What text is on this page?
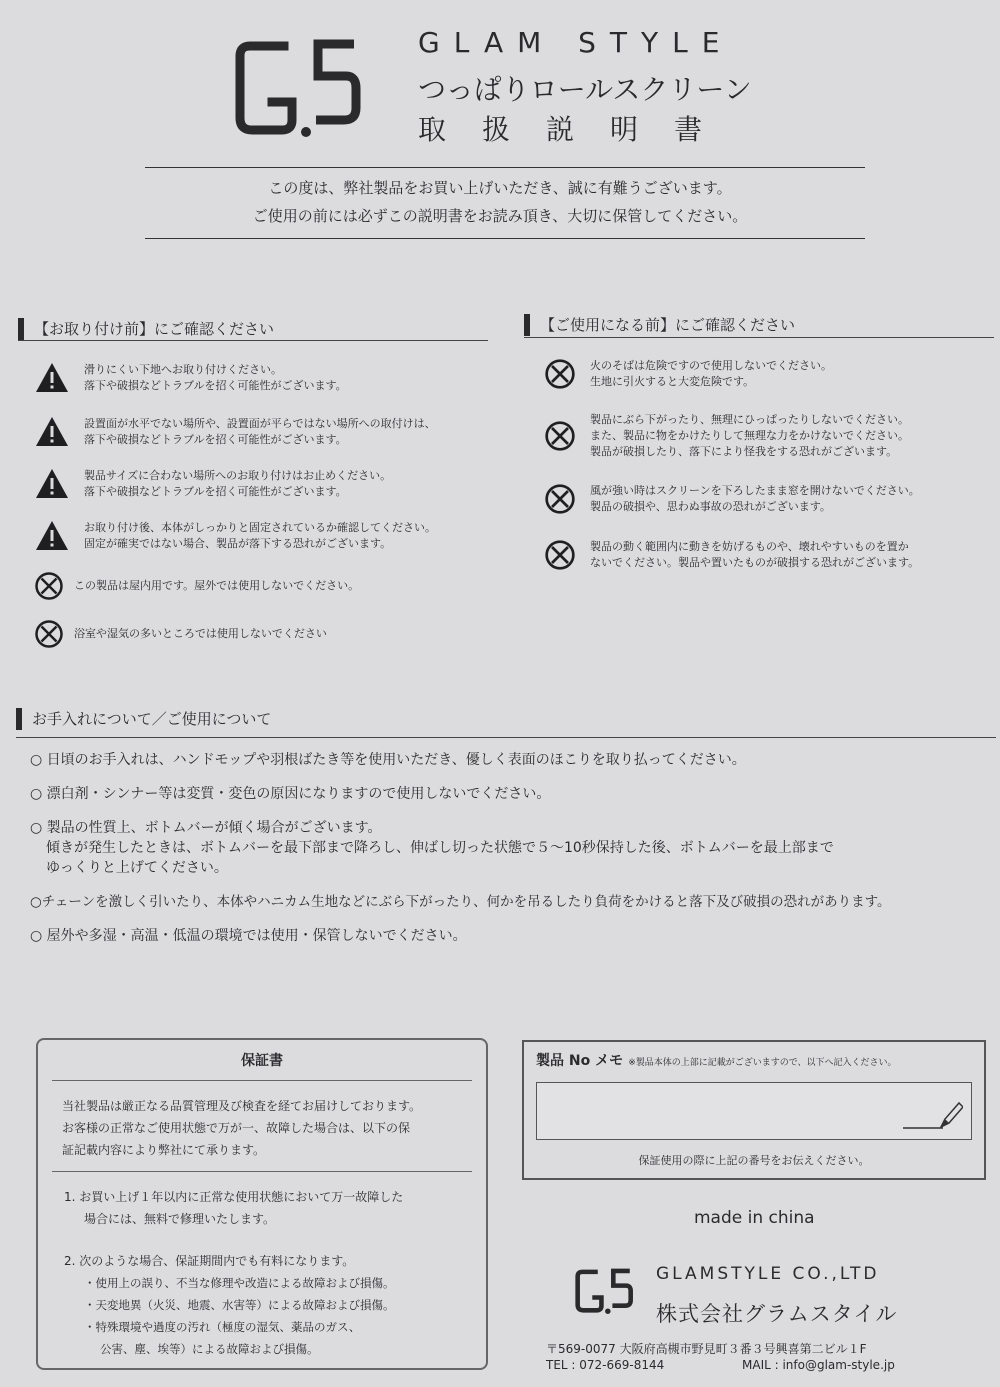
GLAM STYLE
つっぱりロールスクリーン
取扱説明書
この度は、弊社製品をお買い上げいただき、誠に有難うございます。
ご使用の前には必ずこの説明書をお読み頂き、大切に保管してください。
【お取り付け前】にご確認ください
滑りにくい下地へお取り付けください。
落下や破損などトラブルを招く可能性がございます。
設置面が水平でない場所や、設置面が平らではない場所への取付けは、
落下や破損などトラブルを招く可能性がございます。
製品サイズに合わない場所へのお取り付けはお止めください。
落下や破損などトラブルを招く可能性がございます。
お取り付け後、本体がしっかりと固定されているか確認してください。
固定が確実ではない場合、製品が落下する恐れがございます。
この製品は屋内用です。屋外では使用しないでください。
浴室や湿気の多いところでは使用しないでください
【ご使用になる前】にご確認ください
火のそばは危険ですので使用しないでください。
生地に引火すると大変危険です。
製品にぶら下がったり、無理にひっぱったりしないでください。
また、製品に物をかけたりして無理な力をかけないでください。
製品が破損したり、落下により怪我をする恐れがございます。
風が強い時はスクリーンを下ろしたまま窓を開けないでください。
製品の破損や、思わぬ事故の恐れがございます。
製品の動く範囲内に動きを妨げるものや、壊れやすいものを置か
ないでください。製品や置いたものが破損する恐れがございます。
お手入れについて／ご使用について
○ 日頃のお手入れは、ハンドモップや羽根ばたき等を使用いただき、優しく表面のほこりを取り払ってください。
○ 漂白剤・シンナー等は変質・変色の原因になりますので使用しないでください。
○ 製品の性質上、ボトムバーが傾く場合がございます。
傾きが発生したときは、ボトムバーを最下部まで降ろし、伸ばし切った状態で５～10秒保持した後、ボトムバーを最上部まで
ゆっくりと上げてください。
○チェーンを激しく引いたり、本体やハニカム生地などにぶら下がったり、何かを吊るしたり負荷をかけると落下及び破損の恐れがあります。
○ 屋外や多湿・高温・低温の環境では使用・保管しないでください。
保証書
当社製品は厳正なる品質管理及び検査を経てお届けしております。
お客様の正常なご使用状態で万が一、故障した場合は、以下の保
証記載内容により弊社にて承ります。
1. お買い上げ１年以内に正常な使用状態において万一故障した
場合には、無料で修理いたします。
2. 次のような場合、保証期間内でも有料になります。
・使用上の誤り、不当な修理や改造による故障および損傷。
・天変地異（火災、地震、水害等）による故障および損傷。
・特殊環境や過度の汚れ（極度の湿気、薬品のガス、
公害、塵、埃等）による故障および損傷。
製品 No メモ ※製品本体の上部に記載がございますので、以下へ記入ください。
保証使用の際に上記の番号をお伝えください。
made in china
GLAMSTYLE CO.,LTD
株式会社グラムスタイル
〒569-0077 大阪府高槻市野見町３番３号興喜第二ビル１F
TEL : 072-669-8144	MAIL : info@glam-style.jp
